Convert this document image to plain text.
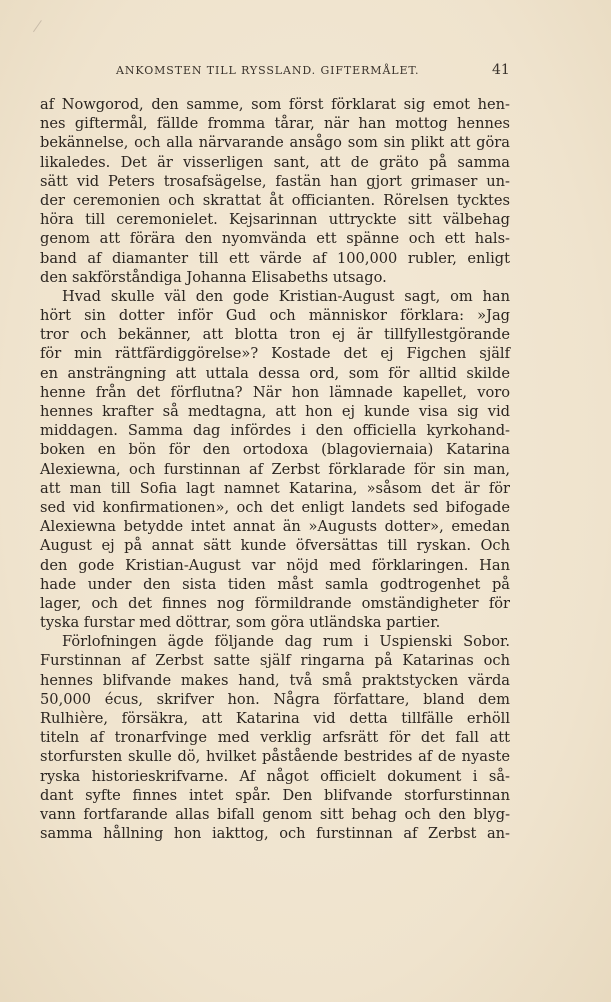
ANKOMSTEN TILL RYSSLAND. GIFTERMÅLET.	41
af Nowgorod, den samme, som först förklarat sig emot hen-
nes giftermål, fällde fromma tårar, när han mottog hennes
bekännelse, och alla närvarande ansågo som sin plikt att göra
likaledes. Det är visserligen sant, att de gräto på samma
sätt vid Peters trosafsägelse, fastän han gjort grimaser un-
der ceremonien och skrattat åt officianten. Rörelsen tycktes
höra till ceremonielet. Kejsarinnan uttryckte sitt välbehag
genom att förära den nyomvända ett spänne och ett hals-
band af diamanter till ett värde af 100,000 rubler, enligt
den sakförståndiga Johanna Elisabeths utsago.
Hvad skulle väl den gode Kristian-August sagt, om han
hört sin dotter inför Gud och människor förklara: »Jag
tror och bekänner, att blotta tron ej är tillfyllestgörande
för min rättfärdiggörelse»? Kostade det ej Figchen själf
en ansträngning att uttala dessa ord, som för alltid skilde
henne från det förflutna? När hon lämnade kapellet, voro
hennes krafter så medtagna, att hon ej kunde visa sig vid
middagen. Samma dag infördes i den officiella kyrkohand-
boken en bön för den ortodoxa (blagoviernaia) Katarina
Alexiewna, och furstinnan af Zerbst förklarade för sin man,
att man till Sofia lagt namnet Katarina, »såsom det är för
sed vid konfirmationen», och det enligt landets sed bifogade
Alexiewna betydde intet annat än »Augusts dotter», emedan
August ej på annat sätt kunde öfversättas till ryskan. Och
den gode Kristian-August var nöjd med förklaringen. Han
hade under den sista tiden måst samla godtrogenhet på
lager, och det finnes nog förmildrande omständigheter för
tyska furstar med döttrar, som göra utländska partier.
Förlofningen ägde följande dag rum i Uspienski Sobor.
Furstinnan af Zerbst satte själf ringarna på Katarinas och
hennes blifvande makes hand, två små praktstycken värda
50,000 écus, skrifver hon. Några författare, bland dem
Rulhière, försäkra, att Katarina vid detta tillfälle erhöll
titeln af tronarfvinge med verklig arfsrätt för det fall att
storfursten skulle dö, hvilket påstående bestrides af de nyaste
ryska historieskrifvarne. Af något officielt dokument i så-
dant syfte finnes intet spår. Den blifvande storfurstinnan
vann fortfarande allas bifall genom sitt behag och den blyg-
samma hållning hon iakttog, och furstinnan af Zerbst an-
